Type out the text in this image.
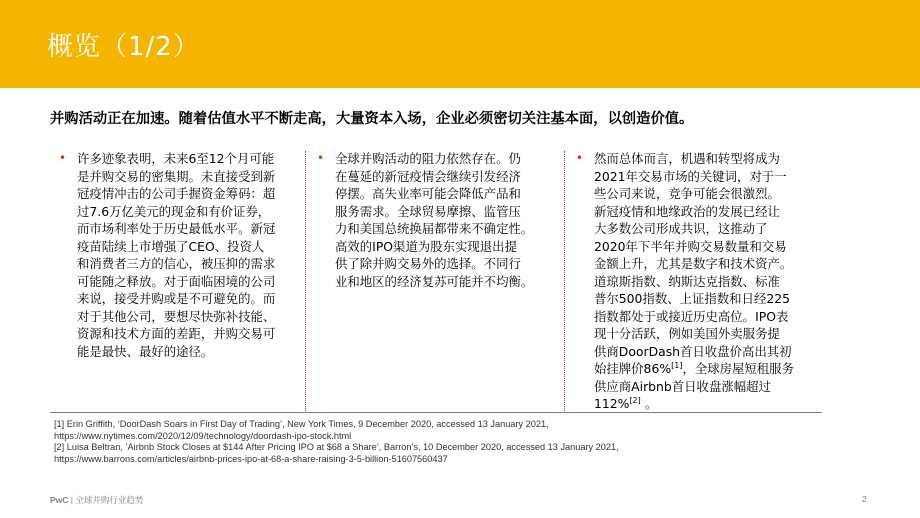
概览（1/2）
并购活动正在加速。随着估值水平不断走高，大量资本入场，企业必须密切关注基本面，以创造价值。
• 许多迹象表明，未来6至12个月可能
是并购交易的密集期。未直接受到新
冠疫情冲击的公司手握资金筹码：超
过7.6万亿美元的现金和有价证券，
而市场利率处于历史最低水平。新冠
疫苗陆续上市增强了CEO、投资人
和消费者三方的信心，被压抑的需求
可能随之释放。对于面临困境的公司
来说，接受并购或是不可避免的。而
对于其他公司，要想尽快弥补技能、
资源和技术方面的差距，并购交易可
能是最快、最好的途径。
• 全球并购活动的阻力依然存在。仍
在蔓延的新冠疫情会继续引发经济
停摆。高失业率可能会降低产品和
服务需求。全球贸易摩擦、监管压
力和美国总统换届都带来不确定性。
高效的IPO渠道为股东实现退出提
供了除并购交易外的选择。不同行
业和地区的经济复苏可能并不均衡。
• 然而总体而言，机遇和转型将成为
2021年交易市场的关键词，对于一
些公司来说，竞争可能会很激烈。
新冠疫情和地缘政治的发展已经让
大多数公司形成共识，这推动了
2020年下半年并购交易数量和交易
金额上升，尤其是数字和技术资产。
道琼斯指数、纳斯达克指数、标准
普尔500指数、上证指数和日经225
指数都处于或接近历史高位。IPO表
现十分活跃，例如美国外卖服务提
供商DoorDash首日收盘价高出其初
始挂牌价86%[1]，全球房屋短租服务
供应商Airbnb首日收盘涨幅超过
112%[2] 。
[1] Erin Griffith, ‘DoorDash Soars in First Day of Trading’, New York Times, 9 December 2020, accessed 13 January 2021,
https://www.nytimes.com/2020/12/09/technology/doordash-ipo-stock.html
[2] Luisa Beltran, ‘Airbnb Stock Closes at $144 After Pricing IPO at $68 a Share’, Barron’s, 10 December 2020, accessed 13 January 2021,
https://www.barrons.com/articles/airbnb-prices-ipo-at-68-a-share-raising-3-5-billion-51607560437
PwC | 全球并购行业趋势	2
